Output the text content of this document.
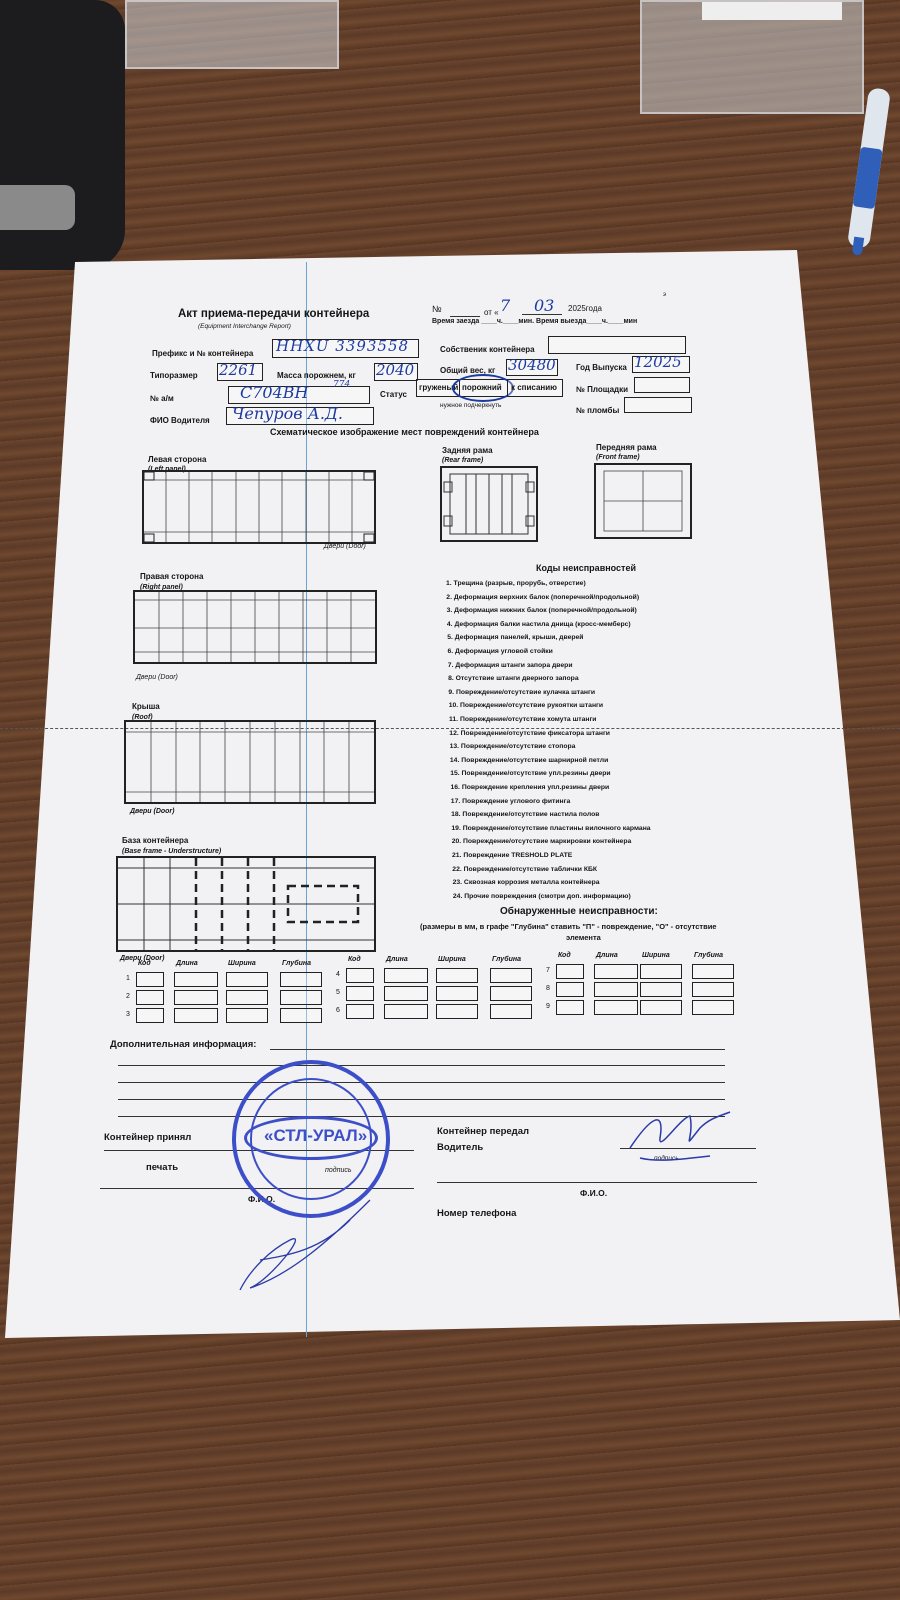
Акт приема-передачи контейнера
(Equipment Interchange Report)
№	от « 7 03 2025года
э
Время заезда ____ч.____мин. Время выезда____ч.____мин
Префикс и № контейнера HHXU 3393558	Собственик контейнера
Типоразмер 2261 Масса порожнем, кг 2040	Общий вес, кг 30480	Год Выпуска 12025
№ а/м	С704ВН	774
Статус
груженый порожний к списанию
нужное подчеркнуть
№ Площадки
ФИО Водителя Чепуров А.Д.	№ пломбы
Схематическое изображение мест повреждений контейнера
Левая сторона
(Left panel)
Двери (Door)
Задняя рама
(Rear frame)
Передняя рама
(Front frame)
Правая сторона
(Right panel)
Двери (Door)
Крыша
(Roof)
Двери (Door)
База контейнера
(Base frame - Understructure)
Двери (Door)
Коды неисправностей
1. Трещина (разрыв, прорубь, отверстие)
2. Деформация верхних балок (поперечной/продольной)
3. Деформация нижних балок (поперечной/продольной)
4. Деформация балки настила днища (кросс-мемберс)
5. Деформация панелей, крыши, дверей
6. Деформация угловой стойки
7. Деформация штанги запора двери
8. Отсутствие штанги дверного запора
9. Повреждение/отсутствие кулачка штанги
10. Повреждение/отсутствие рукоятки штанги
11. Повреждение/отсутствие хомута штанги
12. Повреждение/отсутствие фиксатора штанги
13. Повреждение/отсутствие стопора
14. Повреждение/отсутствие шарнирной петли
15. Повреждение/отсутствие упл.резины двери
16. Повреждение крепления упл.резины двери
17. Повреждение углового фитинга
18. Повреждение/отсутствие настила полов
19. Повреждение/отсутствие пластины вилочного кармана
20. Повреждение/отсутствие маркировки контейнера
21. Повреждение TRESHOLD PLATE
22. Повреждение/отсутствие таблички КБК
23. Сквозная коррозия металла контейнера
24. Прочие повреждения (смотри доп. информацию)
Обнаруженные неисправности:
(размеры в мм, в графе "Глубина" ставить "П" - повреждение, "О" - отсутствие
элемента
Код	Длина	Ширина	Глубина
1
2
3
Код	Длина	Ширина	Глубина
4
5
6
Код	Длина	Ширина	Глубина
7
8
9
Дополнительная информация:
Контейнер принял
печать	подпись
Ф.И.О.
Контейнер передал
Водитель
подпись
Ф.И.О.
Номер телефона
«СТЛ-УРАЛ»
